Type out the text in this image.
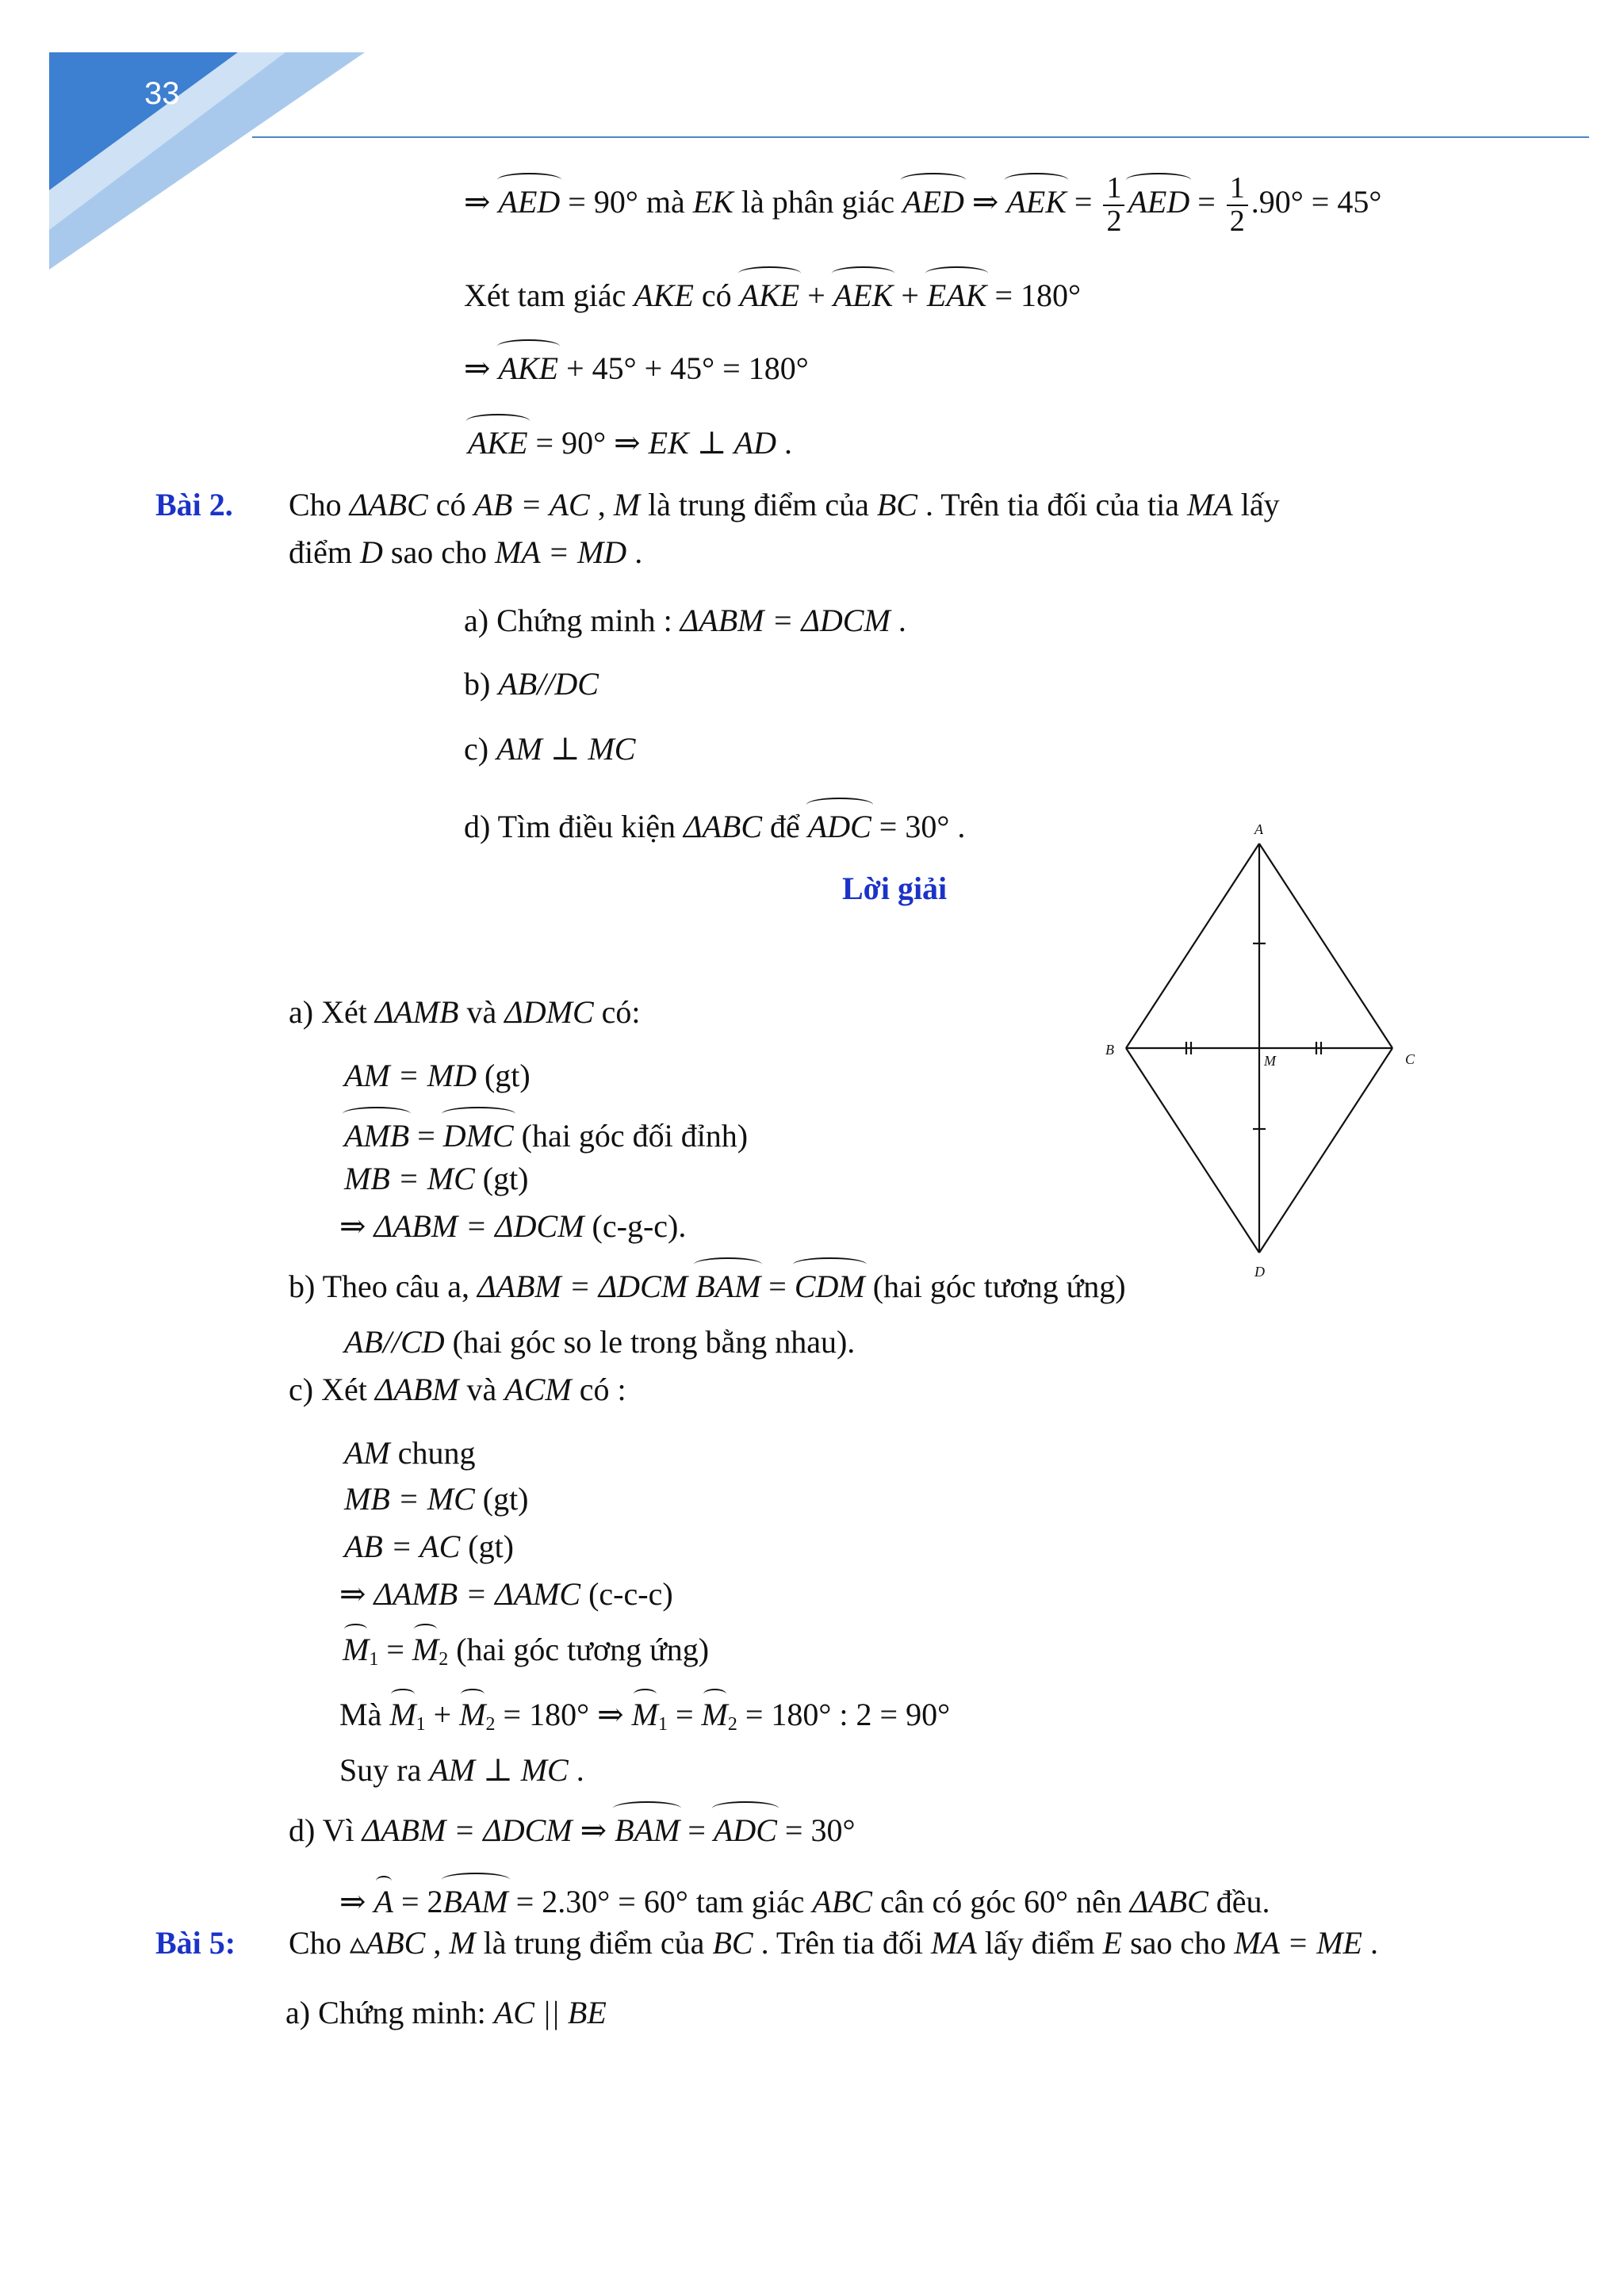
33
⇒ AED = 90° mà EK là phân giác AED ⇒ AEK = $\frac{1}{2}$ AED = $\frac{1}{2} .90^\circ = 45^\circ$
Xét tam giác AKE có AKE + AEK + EAK = 180°
⇒ AKE + 45° + 45° = 180°
AKE = 90° ⇒ EK ⊥ AD .
Bài 2. Cho ΔABC có AB = AC , M là trung điểm của BC . Trên tia đối của tia MA lấy
điểm D sao cho MA = MD .
a) Chứng minh : ΔABM = ΔDCM .
b) AB//DC
c) AM ⊥ MC
d) Tìm điều kiện ΔABC để ADC = 30° .
Lời giải
A
B
C
M
D
a) Xét ΔAMB và ΔDMC có:
AM = MD (gt)
AMB = DMC (hai góc đối đỉnh)
MB = MC (gt)
⇒ ΔABM = ΔDCM (c-g-c).
b) Theo câu a, ΔABM = ΔDCM BAM = CDM (hai góc tương ứng)
AB//CD (hai góc so le trong bằng nhau).
c) Xét ΔABM và ACM có :
AM chung
MB = MC (gt)
AB = AC (gt)
⇒ ΔAMB = ΔAMC (c-c-c)
$M_1 = M_2$ (hai góc tương ứng)
Mà $M_1 + M_2 = 180^\circ$ ⇒ $M_1 = M_2 = 180^\circ$ : 2 = 90°
Suy ra AM ⊥ MC .
d) Vì ΔABM = ΔDCM ⇒ BAM = ADC = 30°
⇒ A = 2BAM = 2.30° = 60° tam giác ABC cân có góc 60° nên ΔABC đều.
Bài 5: Cho ▵ABC , M là trung điểm của BC . Trên tia đối MA lấy điểm E sao cho MA = ME .
a) Chứng minh: AC || BE
